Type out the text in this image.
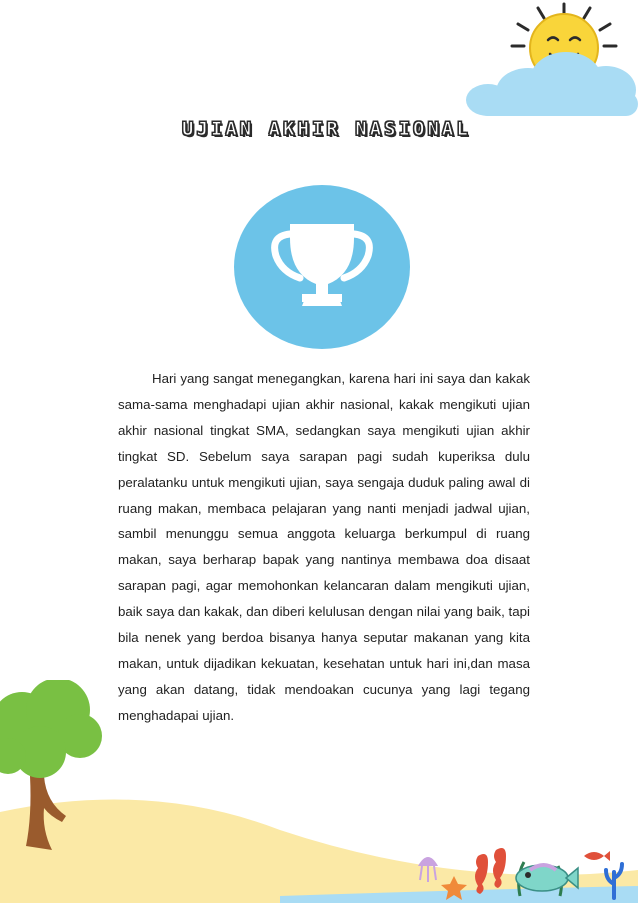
UJIAN AKHIR NASIONAL

Hari yang sangat menegangkan, karena hari ini saya dan kakak sama-sama menghadapi ujian akhir nasional, kakak mengikuti ujian akhir nasional tingkat SMA, sedangkan saya mengikuti ujian akhir tingkat SD. Sebelum saya sarapan pagi sudah kuperiksa dulu peralatanku untuk mengikuti ujian, saya sengaja duduk paling awal di ruang makan, membaca pelajaran yang nanti menjadi jadwal ujian, sambil menunggu semua anggota keluarga berkumpul di ruang makan, saya berharap bapak yang nantinya membawa doa disaat sarapan pagi, agar memohonkan kelancaran dalam mengikuti ujian, baik saya dan kakak, dan diberi kelulusan dengan nilai yang baik, tapi bila nenek yang berdoa bisanya hanya seputar makanan yang kita makan, untuk dijadikan kekuatan, kesehatan untuk hari ini,dan masa yang akan datang, tidak mendoakan cucunya yang lagi tegang menghadapai ujian.
